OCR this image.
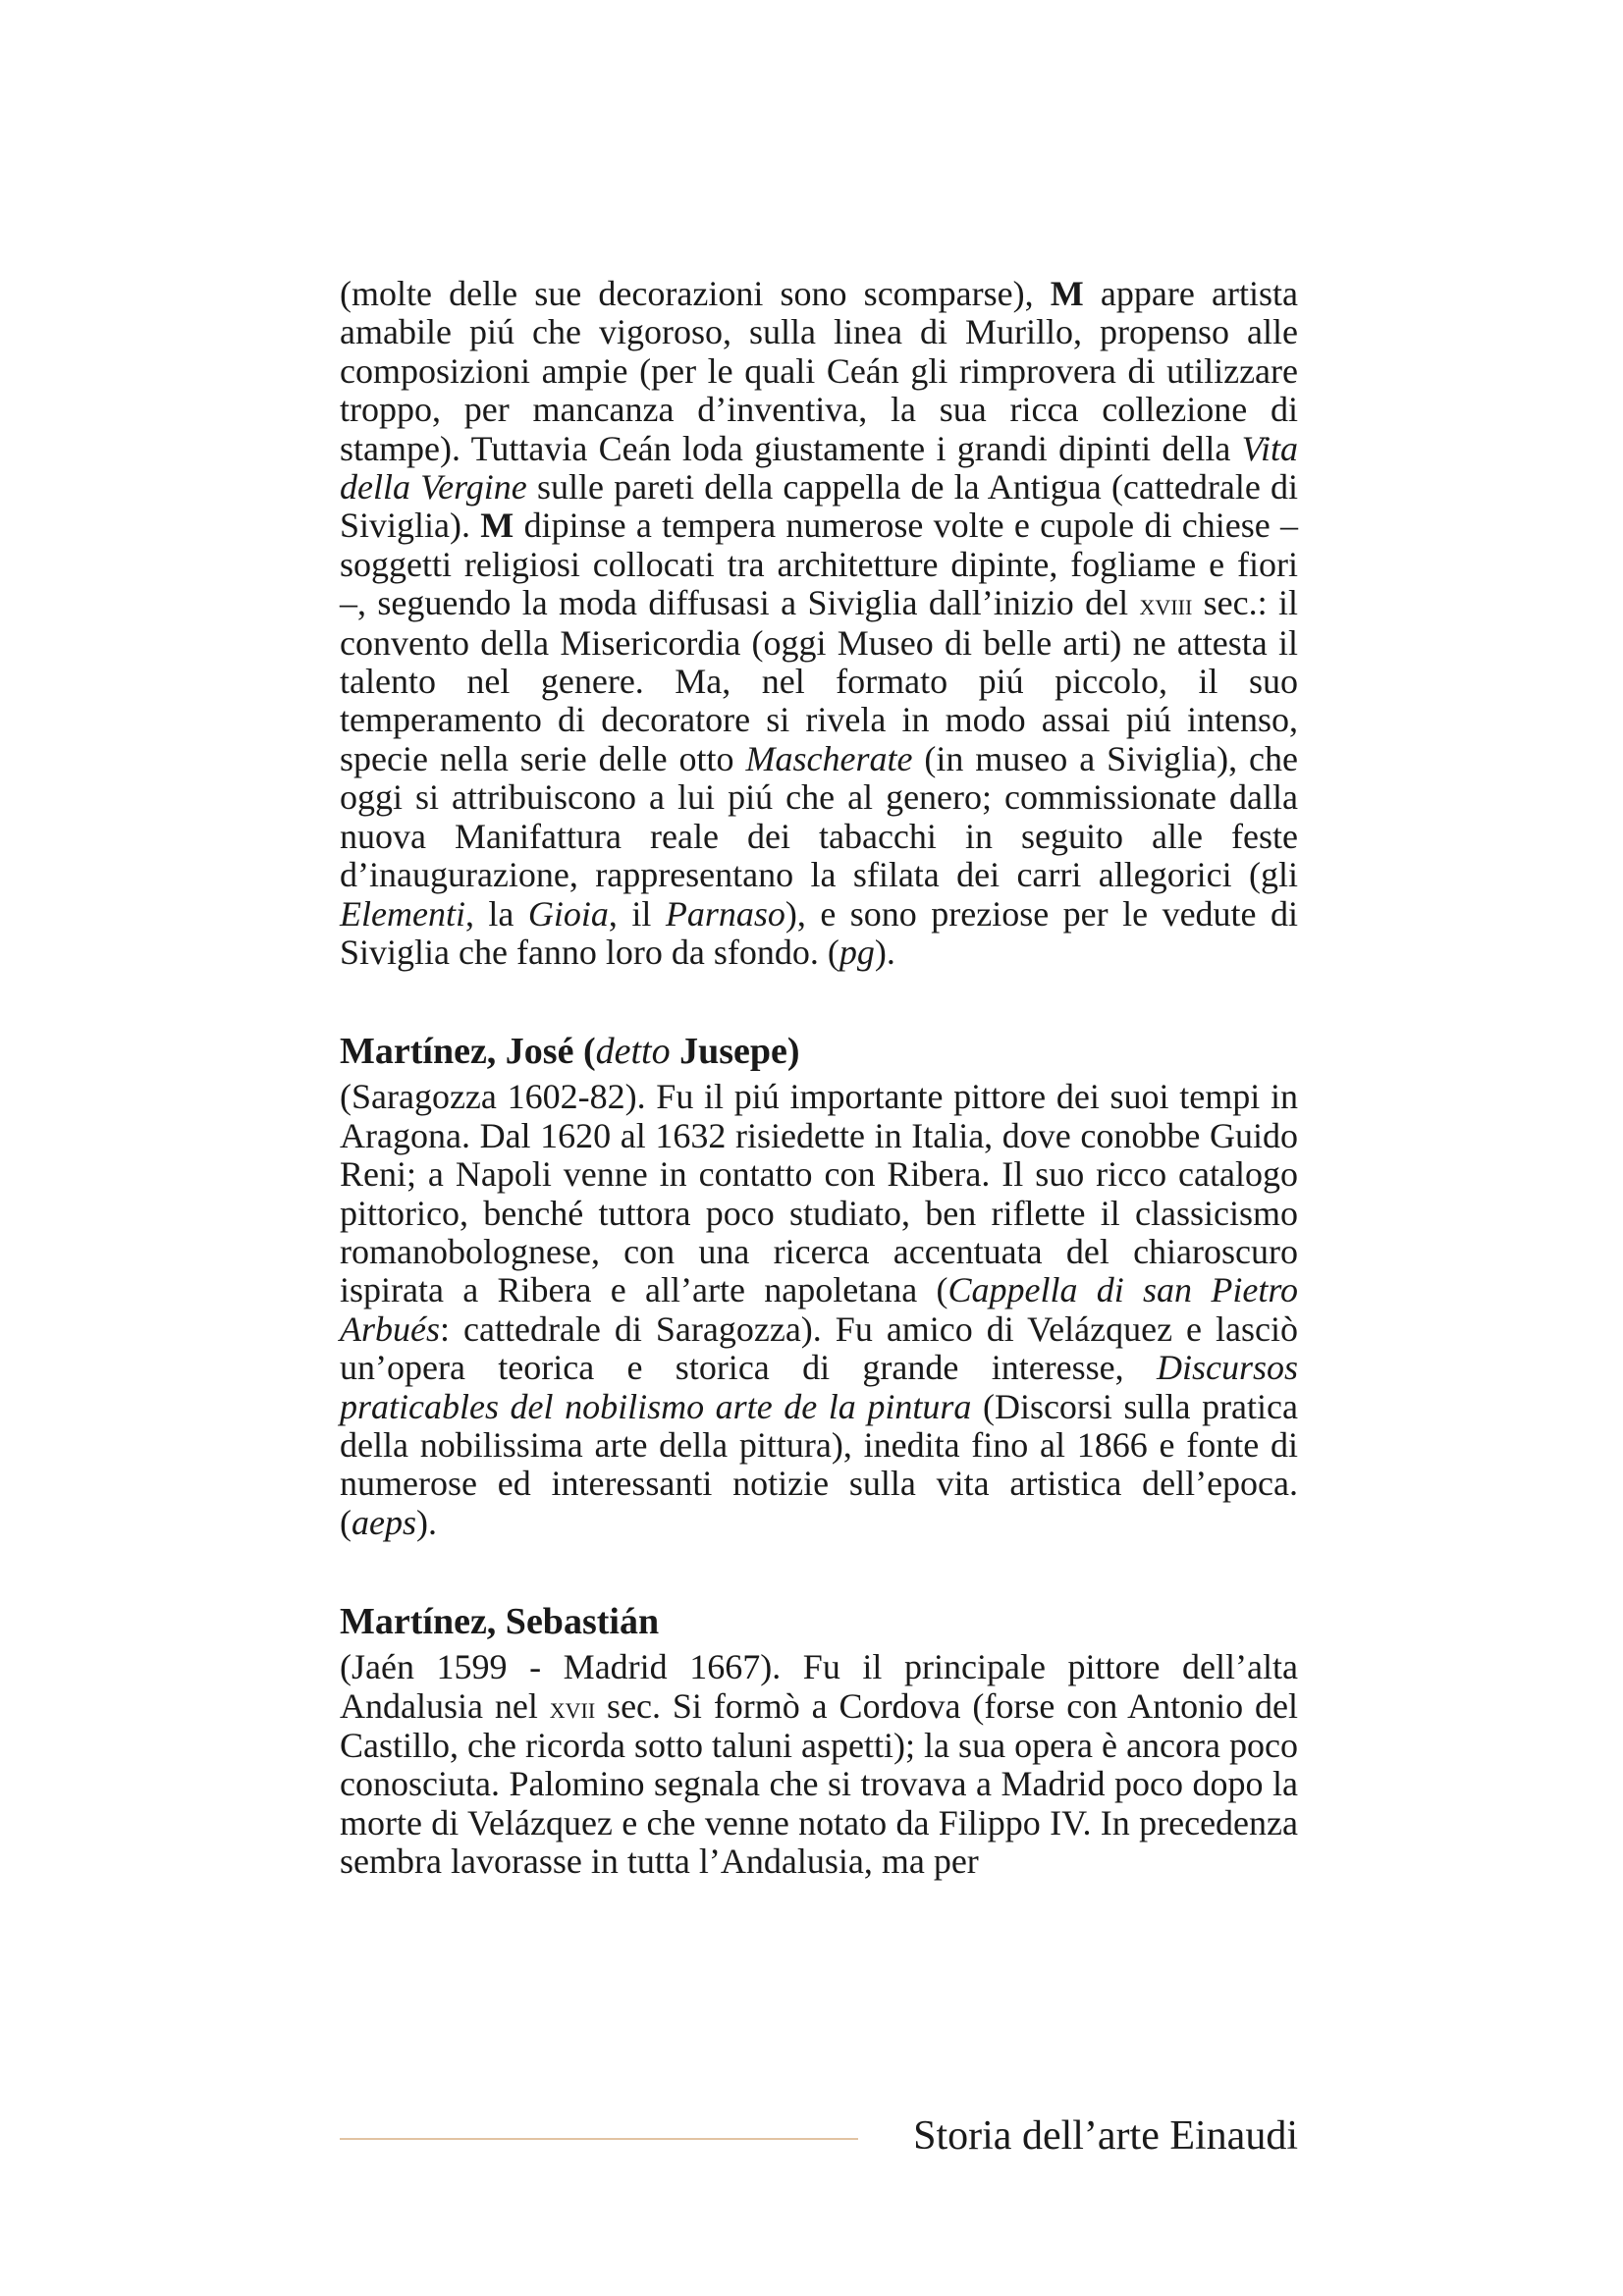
(molte delle sue decorazioni sono scomparse), M appare artista amabile piú che vigoroso, sulla linea di Murillo, propenso alle composizioni ampie (per le quali Ceán gli rimprovera di utilizzare troppo, per mancanza d’inventiva, la sua ricca collezione di stampe). Tuttavia Ceán loda giustamente i grandi dipinti della Vita della Vergine sulle pareti della cappella de la Antigua (cattedrale di Siviglia). M dipinse a tempera numerose volte e cupole di chiese – soggetti religiosi collocati tra architetture dipinte, fogliame e fiori –, seguendo la moda diffusasi a Siviglia dall’inizio del xviii sec.: il convento della Misericordia (oggi Museo di belle arti) ne attesta il talento nel genere. Ma, nel formato piú piccolo, il suo temperamento di decoratore si rivela in modo assai piú intenso, specie nella serie delle otto Mascherate (in museo a Siviglia), che oggi si attribuiscono a lui piú che al genero; commissionate dalla nuova Manifattura reale dei tabacchi in seguito alle feste d’inaugurazione, rappresentano la sfilata dei carri allegorici (gli Elementi, la Gioia, il Parnaso), e sono preziose per le vedute di Siviglia che fanno loro da sfondo. (pg).

Martínez, José (detto Jusepe)

(Saragozza 1602-82). Fu il piú importante pittore dei suoi tempi in Aragona. Dal 1620 al 1632 risiedette in Italia, dove conobbe Guido Reni; a Napoli venne in contatto con Ribera. Il suo ricco catalogo pittorico, benché tuttora poco studiato, ben riflette il classicismo romanobolognese, con una ricerca accentuata del chiaroscuro ispirata a Ribera e all’arte napoletana (Cappella di san Pietro Arbués: cattedrale di Saragozza). Fu amico di Velázquez e lasciò un’opera teorica e storica di grande interesse, Discursos praticables del nobilismo arte de la pintura (Discorsi sulla pratica della nobilissima arte della pittura), inedita fino al 1866 e fonte di numerose ed interessanti notizie sulla vita artistica dell’epoca. (aeps).

Martínez, Sebastián

(Jaén 1599 - Madrid 1667). Fu il principale pittore dell’alta Andalusia nel xvii sec. Si formò a Cordova (forse con Antonio del Castillo, che ricorda sotto taluni aspetti); la sua opera è ancora poco conosciuta. Palomino segnala che si trovava a Madrid poco dopo la morte di Velázquez e che venne notato da Filippo IV. In precedenza sembra lavorasse in tutta l’Andalusia, ma per

Storia dell’arte Einaudi
